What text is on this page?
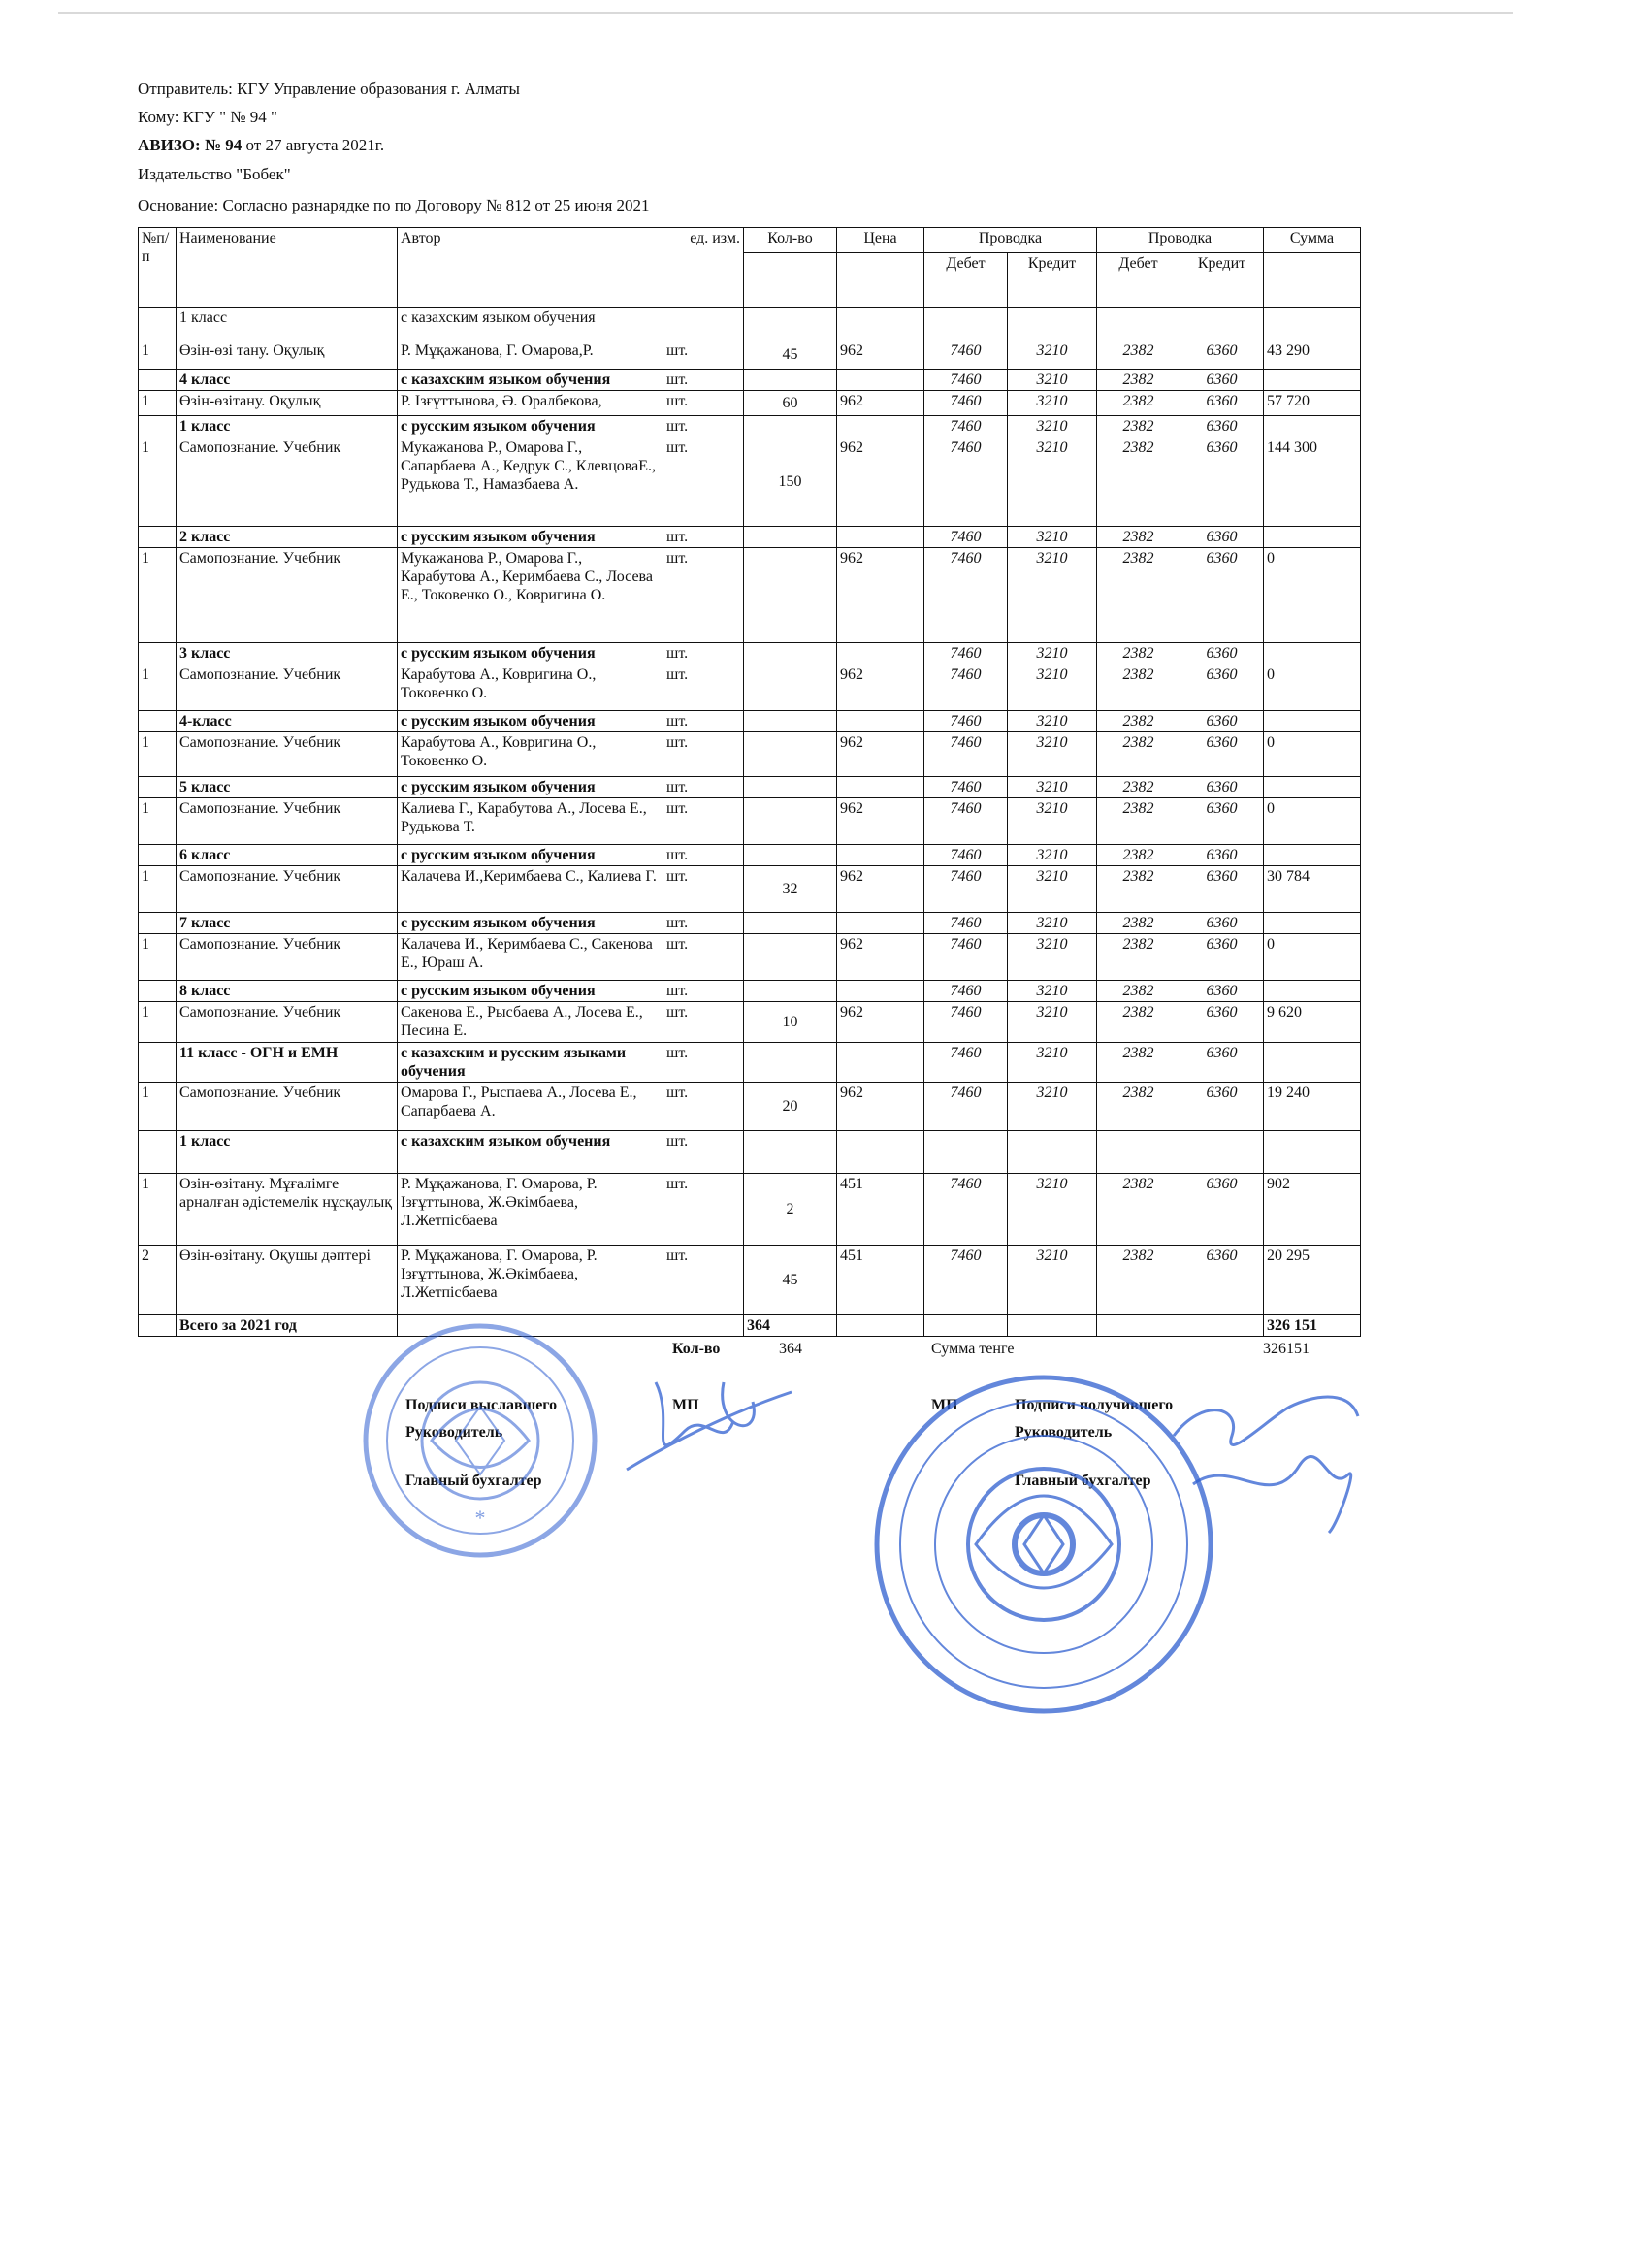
Отправитель: КГУ Управление образования г. Алматы
Кому: КГУ " № 94 "
АВИЗО: № 94 от 27 августа 2021г.
Издательство "Бобек"
Основание: Согласно разнарядке по по Договору № 812 от 25 июня 2021
№п/п	Наименование	Автор	ед. изм.	Кол-во	Цена	Проводка		Проводка		Сумма
						Дебет	Кредит	Дебет	Кредит	
	1 класс	с казахским языком обучения								
1	Өзін-өзі тану. Оқулық	Р. Мұқажанова, Г. Омарова,Р.	шт.	45	962	7460	3210	2382	6360	43 290
	4 класс	с казахским языком обучения	шт.			7460	3210	2382	6360	
1	Өзін-өзітану. Оқулық	Р. Ізғұттынова, Ә. Оралбекова,	шт.	60	962	7460	3210	2382	6360	57 720
	1 класс	с русским языком обучения	шт.			7460	3210	2382	6360	
1	Самопознание. Учебник	Мукажанова Р., Омарова Г., Сапарбаева А., Кедрук С., КлевцоваЕ., Рудькова Т., Намазбаева А.	шт.	150	962	7460	3210	2382	6360	144 300
	2 класс	с русским языком обучения	шт.			7460	3210	2382	6360	
1	Самопознание. Учебник	Мукажанова Р., Омарова Г., Карабутова А., Керимбаева С., Лосева Е., Токовенко О., Ковригина О.	шт.		962	7460	3210	2382	6360	0
	3 класс	с русским языком обучения	шт.			7460	3210	2382	6360	
1	Самопознание. Учебник	Карабутова А., Ковригина О., Токовенко О.	шт.		962	7460	3210	2382	6360	0
	4-класс	с русским языком обучения	шт.			7460	3210	2382	6360	
1	Самопознание. Учебник	Карабутова А., Ковригина О., Токовенко О.	шт.		962	7460	3210	2382	6360	0
	5 класс	с русским языком обучения	шт.			7460	3210	2382	6360	
1	Самопознание. Учебник	Калиева Г., Карабутова А., Лосева Е., Рудькова Т.	шт.		962	7460	3210	2382	6360	0
	6 класс	с русским языком обучения	шт.			7460	3210	2382	6360	
1	Самопознание. Учебник	Калачева И.,Керимбаева С., Калиева Г.	шт.	32	962	7460	3210	2382	6360	30 784
	7 класс	с русским языком обучения	шт.			7460	3210	2382	6360	
1	Самопознание. Учебник	Калачева И., Керимбаева С., Сакенова Е., Юраш А.	шт.		962	7460	3210	2382	6360	0
	8 класс	с русским языком обучения	шт.			7460	3210	2382	6360	
1	Самопознание. Учебник	Сакенова Е., Рысбаева А., Лосева Е., Песина Е.	шт.	10	962	7460	3210	2382	6360	9 620
	11 класс - ОГН и ЕМН	с казахским и русским языками обучения	шт.			7460	3210	2382	6360	
1	Самопознание. Учебник	Омарова Г., Рыспаева А., Лосева Е., Сапарбаева А.	шт.	20	962	7460	3210	2382	6360	19 240
	1 класс	с казахским языком обучения	шт.							
1	Өзін-өзітану. Мұғалімге арналған әдістемелік нұсқаулық	Р. Мұқажанова, Г. Омарова, Р. Ізғұттынова, Ж.Әкімбаева, Л.Жетпісбаева	шт.	2	451	7460	3210	2382	6360	902
2	Өзін-өзітану. Оқушы дәптері	Р. Мұқажанова, Г. Омарова, Р. Ізғұттынова, Ж.Әкімбаева, Л.Жетпісбаева	шт.	45	451	7460	3210	2382	6360	20 295
	Всего за 2021 год			364						326 151
Кол-во	364	Сумма тенге	326151
Подписи выславшего	МП	МП	Подписи получившего
Руководитель	Руководитель
Главный бухгалтер	Главный бухгалтер
*
